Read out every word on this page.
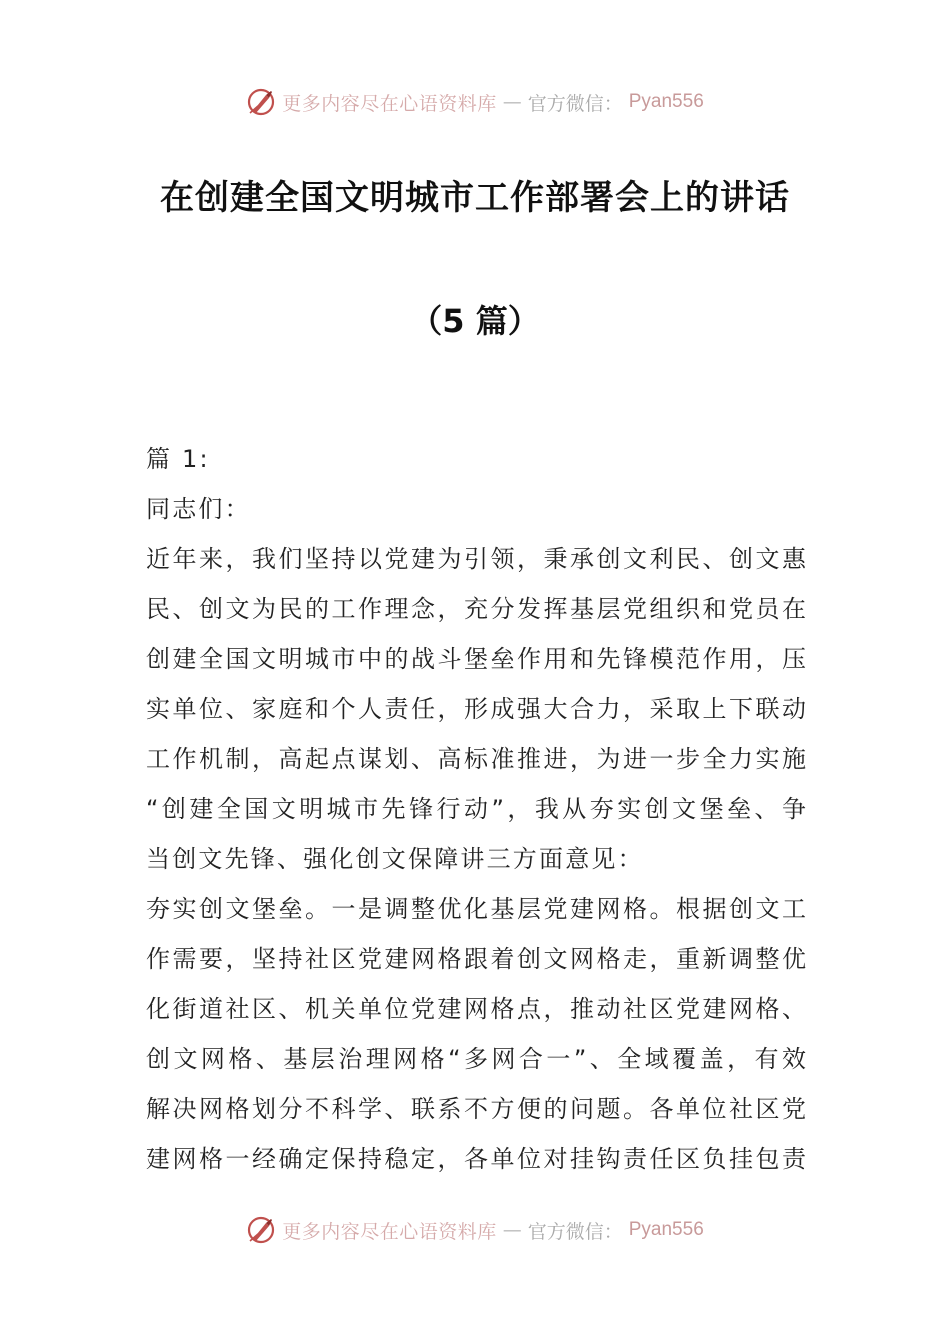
更多内容尽在心语资料库 — 官方微信： Pyan556
在创建全国文明城市工作部署会上的讲话
（5 篇）
篇 1:
同志们：
近年来，我们坚持以党建为引领，秉承创文利民、创文惠
民、创文为民的工作理念，充分发挥基层党组织和党员在
创建全国文明城市中的战斗堡垒作用和先锋模范作用，压
实单位、家庭和个人责任，形成强大合力，采取上下联动
工作机制，高起点谋划、高标准推进，为进一步全力实施
“创建全国文明城市先锋行动”，我从夯实创文堡垒、争
当创文先锋、强化创文保障讲三方面意见：
夯实创文堡垒。一是调整优化基层党建网格。根据创文工
作需要，坚持社区党建网格跟着创文网格走，重新调整优
化街道社区、机关单位党建网格点，推动社区党建网格、
创文网格、基层治理网格“多网合一”、全域覆盖，有效
解决网格划分不科学、联系不方便的问题。各单位社区党
建网格一经确定保持稳定，各单位对挂钩责任区负挂包责
更多内容尽在心语资料库 — 官方微信： Pyan556
